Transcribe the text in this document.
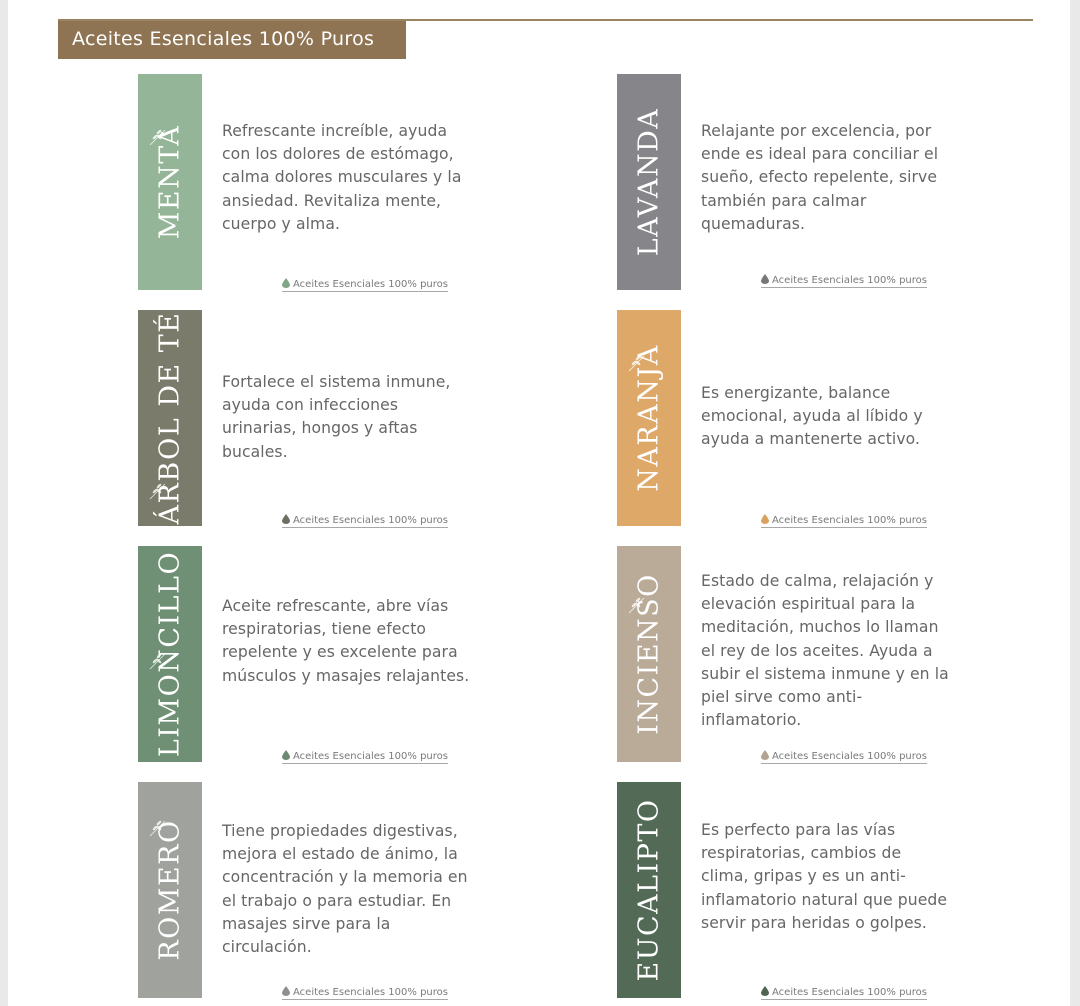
Aceites Esenciales 100% Puros
MENTA Refrescante increíble, ayuda con los dolores de estómago, calma dolores musculares y la ansiedad. Revitaliza mente, cuerpo y alma.
Aceites Esenciales 100% puros
LAVANDA Relajante por excelencia, por ende es ideal para conciliar el sueño, efecto repelente, sirve también para calmar quemaduras.
Aceites Esenciales 100% puros
ÁRBOL DE TÉ Fortalece el sistema inmune, ayuda con infecciones urinarias, hongos y aftas bucales.
Aceites Esenciales 100% puros
NARANJA Es energizante, balance emocional, ayuda al líbido y ayuda a mantenerte activo.
Aceites Esenciales 100% puros
LIMONCILLO Aceite refrescante, abre vías respiratorias, tiene efecto repelente y es excelente para músculos y masajes relajantes.
Aceites Esenciales 100% puros
INCIENSO Estado de calma, relajación y elevación espiritual para la meditación, muchos lo llaman el rey de los aceites. Ayuda a subir el sistema inmune y en la piel sirve como anti-inflamatorio.
Aceites Esenciales 100% puros
ROMERO Tiene propiedades digestivas, mejora el estado de ánimo, la concentración y la memoria en el trabajo o para estudiar. En masajes sirve para la circulación.
Aceites Esenciales 100% puros
EUCALIPTO Es perfecto para las vías respiratorias, cambios de clima, gripas y es un anti-inflamatorio natural que puede servir para heridas o golpes.
Aceites Esenciales 100% puros
